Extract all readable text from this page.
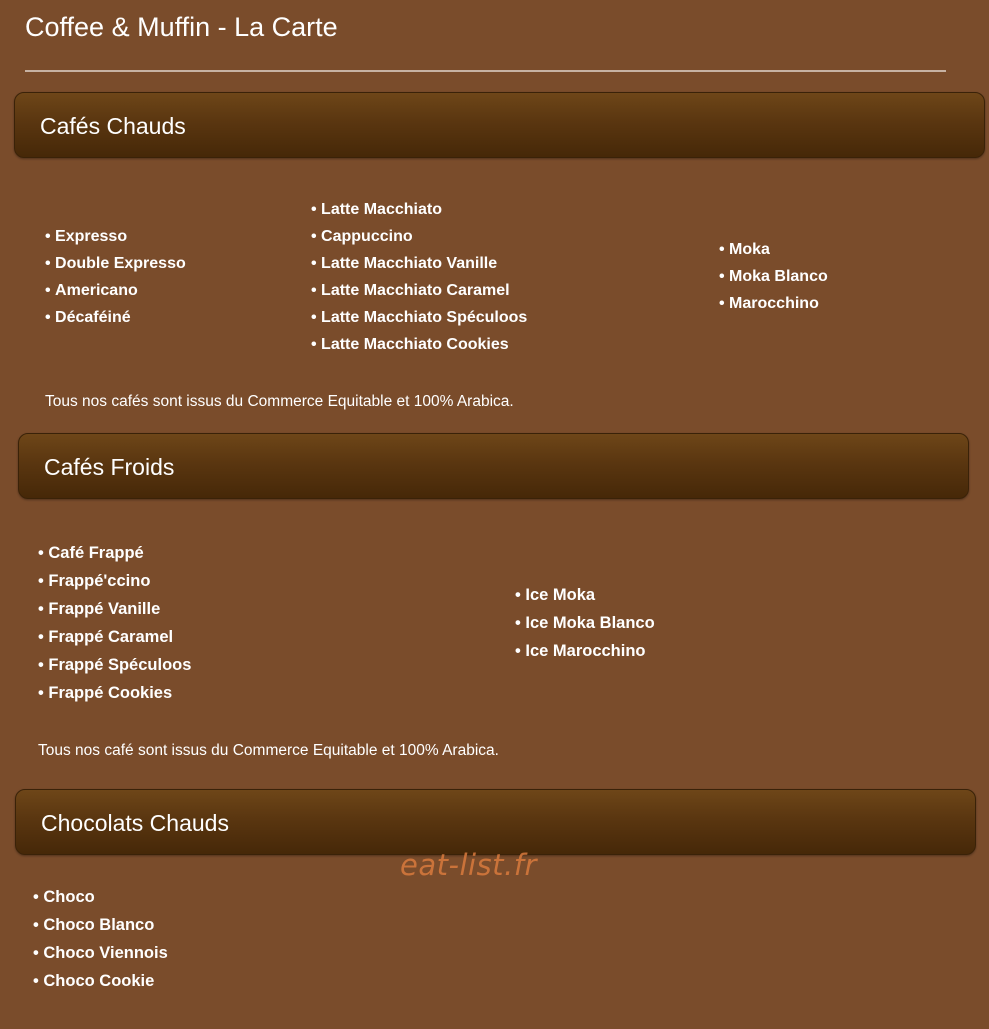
Coffee & Muffin - La Carte
Cafés Chauds
• Expresso
• Double Expresso
• Americano
• Décaféiné
• Latte Macchiato
• Cappuccino
• Latte Macchiato Vanille
• Latte Macchiato Caramel
• Latte Macchiato Spéculoos
• Latte Macchiato Cookies
• Moka
• Moka Blanco
• Marocchino
Tous nos cafés sont issus du Commerce Equitable et 100% Arabica.
Cafés Froids
• Café Frappé
• Frappé'ccino
• Frappé Vanille
• Frappé Caramel
• Frappé Spéculoos
• Frappé Cookies
• Ice Moka
• Ice Moka Blanco
• Ice Marocchino
Tous nos café sont issus du Commerce Equitable et 100% Arabica.
Chocolats Chauds
• Choco
• Choco Blanco
• Choco Viennois
• Choco Cookie
eat-list.fr
